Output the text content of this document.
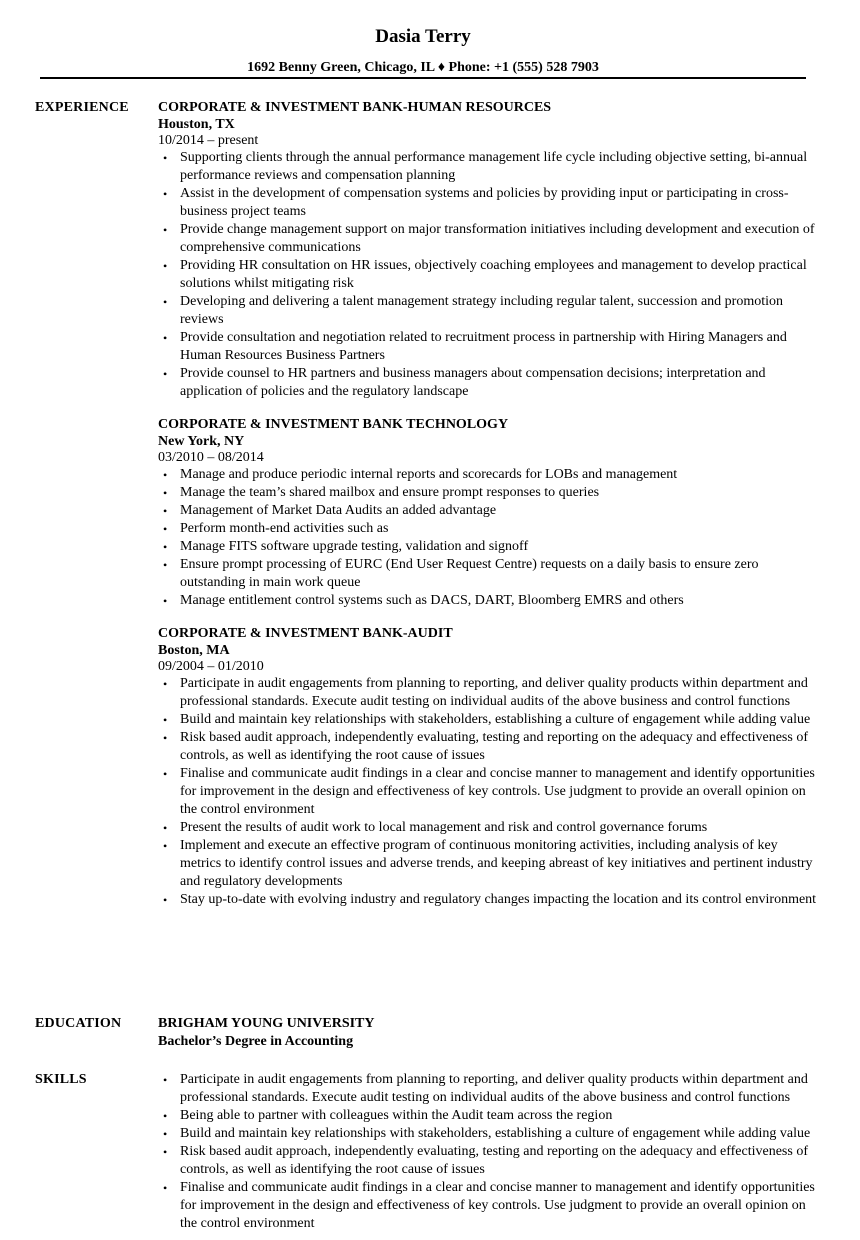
Dasia Terry
1692 Benny Green, Chicago, IL ♦ Phone: +1 (555) 528 7903
EXPERIENCE CORPORATE & INVESTMENT BANK-HUMAN RESOURCES
Houston, TX
10/2014 – present
• Supporting clients through the annual performance management life cycle including objective setting, bi-annual performance reviews and compensation planning
• Assist in the development of compensation systems and policies by providing input or participating in cross-business project teams
• Provide change management support on major transformation initiatives including development and execution of comprehensive communications
• Providing HR consultation on HR issues, objectively coaching employees and management to develop practical solutions whilst mitigating risk
• Developing and delivering a talent management strategy including regular talent, succession and promotion reviews
• Provide consultation and negotiation related to recruitment process in partnership with Hiring Managers and Human Resources Business Partners
• Provide counsel to HR partners and business managers about compensation decisions; interpretation and application of policies and the regulatory landscape
CORPORATE & INVESTMENT BANK TECHNOLOGY
New York, NY
03/2010 – 08/2014
• Manage and produce periodic internal reports and scorecards for LOBs and management
• Manage the team’s shared mailbox and ensure prompt responses to queries
• Management of Market Data Audits an added advantage
• Perform month-end activities such as
• Manage FITS software upgrade testing, validation and signoff
• Ensure prompt processing of EURC (End User Request Centre) requests on a daily basis to ensure zero outstanding in main work queue
• Manage entitlement control systems such as DACS, DART, Bloomberg EMRS and others
CORPORATE & INVESTMENT BANK-AUDIT
Boston, MA
09/2004 – 01/2010
• Participate in audit engagements from planning to reporting, and deliver quality products within department and professional standards. Execute audit testing on individual audits of the above business and control functions
• Build and maintain key relationships with stakeholders, establishing a culture of engagement while adding value
• Risk based audit approach, independently evaluating, testing and reporting on the adequacy and effectiveness of controls, as well as identifying the root cause of issues
• Finalise and communicate audit findings in a clear and concise manner to management and identify opportunities for improvement in the design and effectiveness of key controls. Use judgment to provide an overall opinion on the control environment
• Present the results of audit work to local management and risk and control governance forums
• Implement and execute an effective program of continuous monitoring activities, including analysis of key metrics to identify control issues and adverse trends, and keeping abreast of key initiatives and pertinent industry and regulatory developments
• Stay up-to-date with evolving industry and regulatory changes impacting the location and its control environment
EDUCATION	BRIGHAM YOUNG UNIVERSITY
Bachelor’s Degree in Accounting
SKILLS	• Participate in audit engagements from planning to reporting, and deliver quality products within department and professional standards. Execute audit testing on individual audits of the above business and control functions
• Being able to partner with colleagues within the Audit team across the region
• Build and maintain key relationships with stakeholders, establishing a culture of engagement while adding value
• Risk based audit approach, independently evaluating, testing and reporting on the adequacy and effectiveness of controls, as well as identifying the root cause of issues
• Finalise and communicate audit findings in a clear and concise manner to management and identify opportunities for improvement in the design and effectiveness of key controls. Use judgment to provide an overall opinion on the control environment
